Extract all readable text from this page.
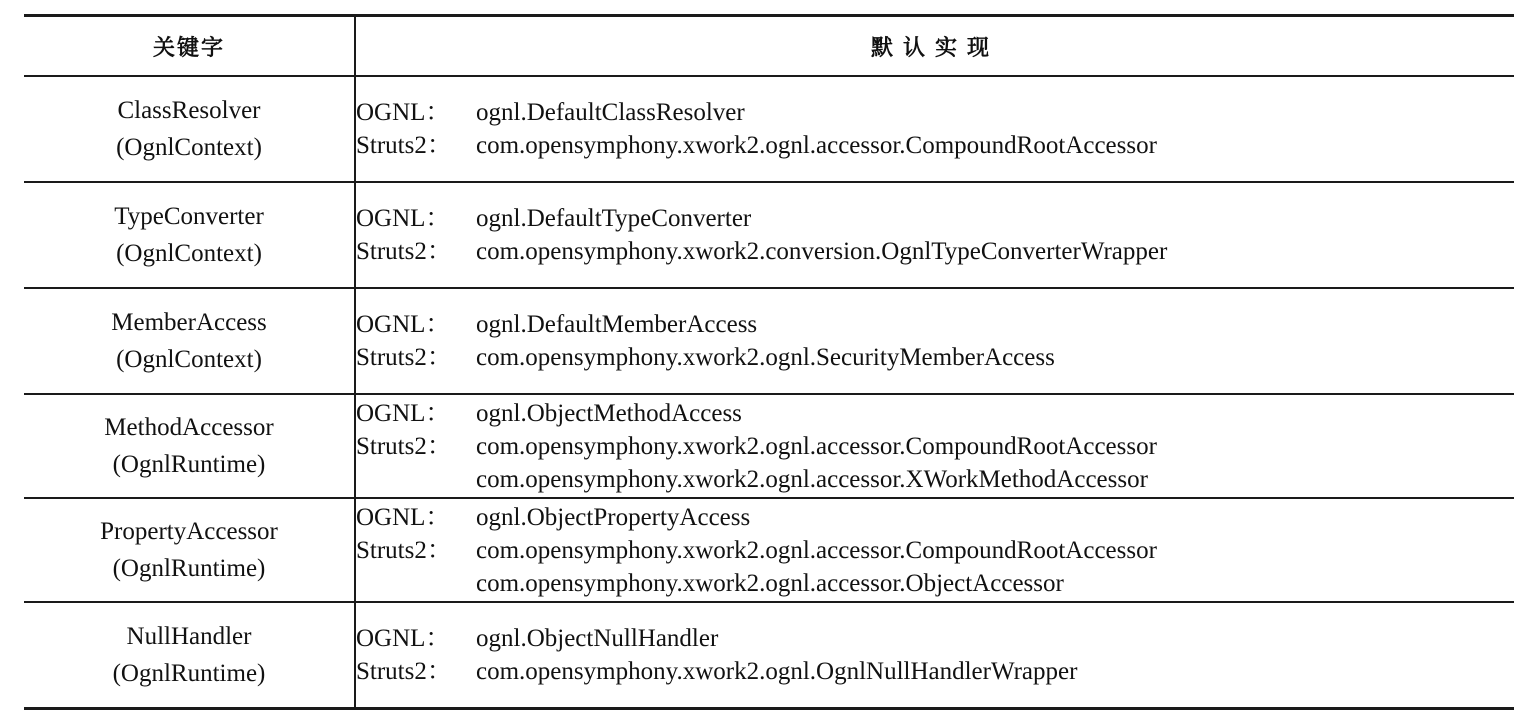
关键字	默认实现

ClassResolver
(OgnlContext)	OGNL： ognl.DefaultClassResolver
Struts2： com.opensymphony.xwork2.ognl.accessor.CompoundRootAccessor

TypeConverter
(OgnlContext)	OGNL： ognl.DefaultTypeConverter
Struts2： com.opensymphony.xwork2.conversion.OgnlTypeConverterWrapper

MemberAccess
(OgnlContext)	OGNL： ognl.DefaultMemberAccess
Struts2： com.opensymphony.xwork2.ognl.SecurityMemberAccess

MethodAccessor
(OgnlRuntime)	OGNL： ognl.ObjectMethodAccess
Struts2： com.opensymphony.xwork2.ognl.accessor.CompoundRootAccessor
com.opensymphony.xwork2.ognl.accessor.XWorkMethodAccessor

PropertyAccessor
(OgnlRuntime)	OGNL： ognl.ObjectPropertyAccess
Struts2： com.opensymphony.xwork2.ognl.accessor.CompoundRootAccessor
com.opensymphony.xwork2.ognl.accessor.ObjectAccessor

NullHandler
(OgnlRuntime)	OGNL： ognl.ObjectNullHandler
Struts2： com.opensymphony.xwork2.ognl.OgnlNullHandlerWrapper
